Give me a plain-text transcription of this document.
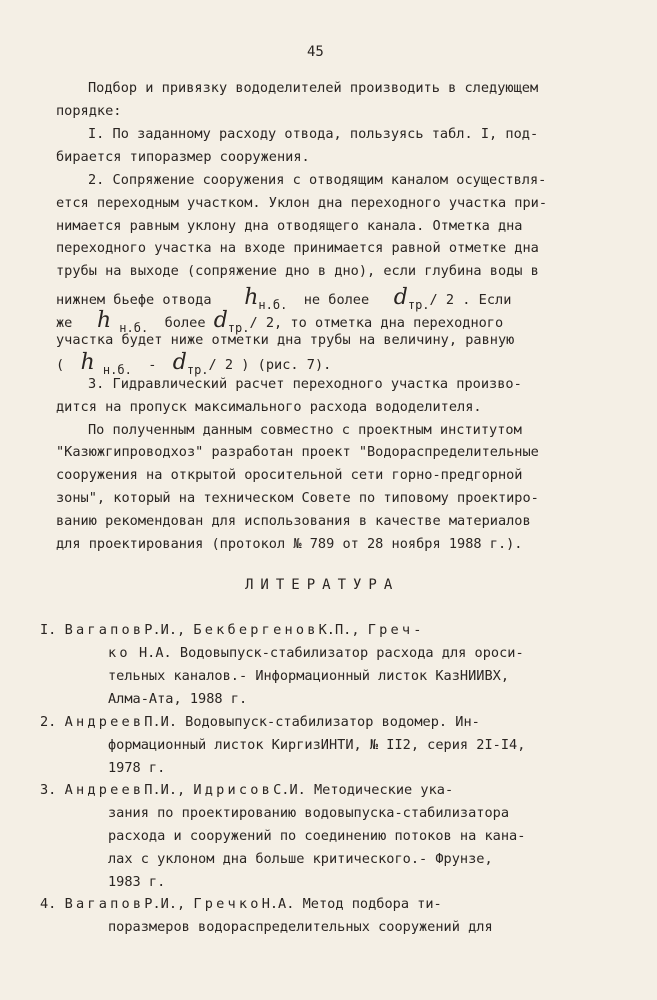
45
Подбор и привязку вододелителей производить в следующем
порядке:
I. По заданному расходу отвода, пользуясь табл. I, под-
бирается типоразмер сооружения.
2. Сопряжение сооружения с отводящим каналом осуществля-
ется переходным участком. Уклон дна переходного участка при-
нимается равным уклону дна отводящего канала. Отметка дна
переходного участка на входе принимается равной отметке дна
трубы на выходе (сопряжение дно в дно), если глубина воды в
нижнем бьефе отвода $h_{н.б.}$ не более $d_{тр.}/$ 2 . Если
же h $_{н.б.}$ более $d_{тр.}/$ 2, то отметка дна переходного
участка будет ниже отметки дна трубы на величину, равную
( h $_{н.б.} - d_{тр.}/$ 2 ) (рис. 7).
3. Гидравлический расчет переходного участка произво-
дится на пропуск максимального расхода вододелителя.
По полученным данным совместно с проектным институтом
"Казюжгипроводхоз" разработан проект "Водораспределительные
сооружения на открытой оросительной сети горно-предгорной
зоны", который на техническом Совете по типовому проектиро-
ванию рекомендован для использования в качестве материалов
для проектирования (протокол № 789 от 28 ноября 1988 г.).
ЛИТЕРАТУРА
I. ВагаповР.И., БекбергеновК.П., Греч-
ко Н.А. Водовыпуск-стабилизатор расхода для ороси-
тельных каналов.- Информационный листок КазНИИВХ,
Алма-Ата, 1988 г.
2. АндреевП.И. Водовыпуск-стабилизатор водомер. Ин-
формационный листок КиргизИНТИ, № II2, серия 2I-I4,
1978 г.
3. АндреевП.И., ИдрисовС.И. Методические ука-
зания по проектированию водовыпуска-стабилизатора
расхода и сооружений по соединению потоков на кана-
лах с уклоном дна больше критического.- Фрунзе,
1983 г.
4. ВагаповР.И., ГречкоН.А. Метод подбора ти-
поразмеров водораспределительных сооружений для
